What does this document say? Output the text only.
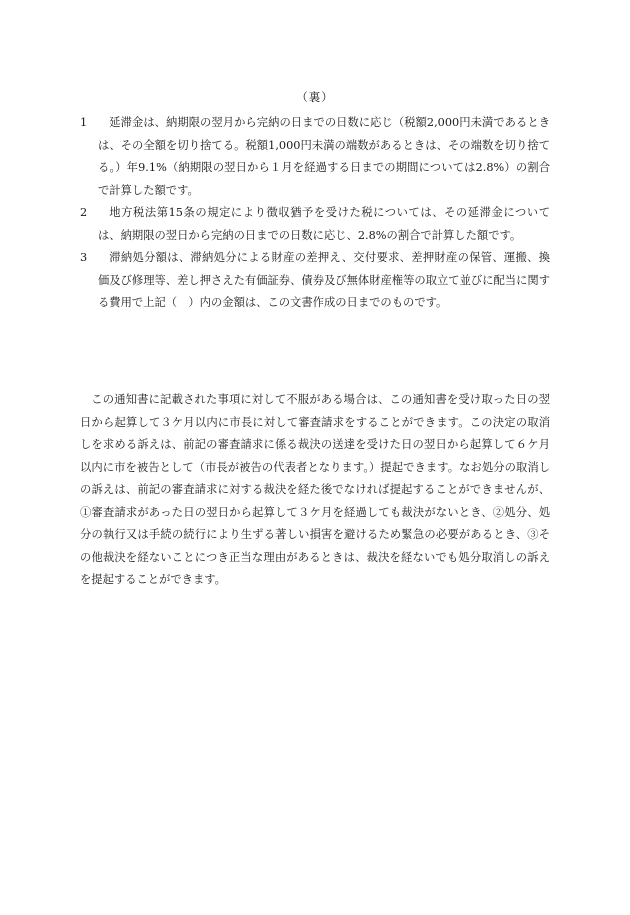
（裏）
1	延滞金は、納期限の翌月から完納の日までの日数に応じ（税額2,000円未満であるときは、その全額を切り捨てる。税額1,000円未満の端数があるときは、その端数を切り捨てる。）年9.1%（納期限の翌日から１月を経過する日までの期間については2.8%）の割合で計算した額です。
2	地方税法第15条の規定により徴収猶予を受けた税については、その延滞金については、納期限の翌日から完納の日までの日数に応じ、2.8%の割合で計算した額です。
3	滞納処分額は、滞納処分による財産の差押え、交付要求、差押財産の保管、運搬、換価及び修理等、差し押さえた有価証券、債券及び無体財産権等の取立て並びに配当に関する費用で上記（　）内の金額は、この文書作成の日までのものです。

この通知書に記載された事項に対して不服がある場合は、この通知書を受け取った日の翌日から起算して３ケ月以内に市長に対して審査請求をすることができます。この決定の取消しを求める訴えは、前記の審査請求に係る裁決の送達を受けた日の翌日から起算して６ケ月以内に市を被告として（市長が被告の代表者となります。）提起できます。なお処分の取消しの訴えは、前記の審査請求に対する裁決を経た後でなければ提起することができませんが、①審査請求があった日の翌日から起算して３ケ月を経過しても裁決がないとき、②処分、処分の執行又は手続の続行により生ずる著しい損害を避けるため緊急の必要があるとき、③その他裁決を経ないことにつき正当な理由があるときは、裁決を経ないでも処分取消しの訴えを提起することができます。
